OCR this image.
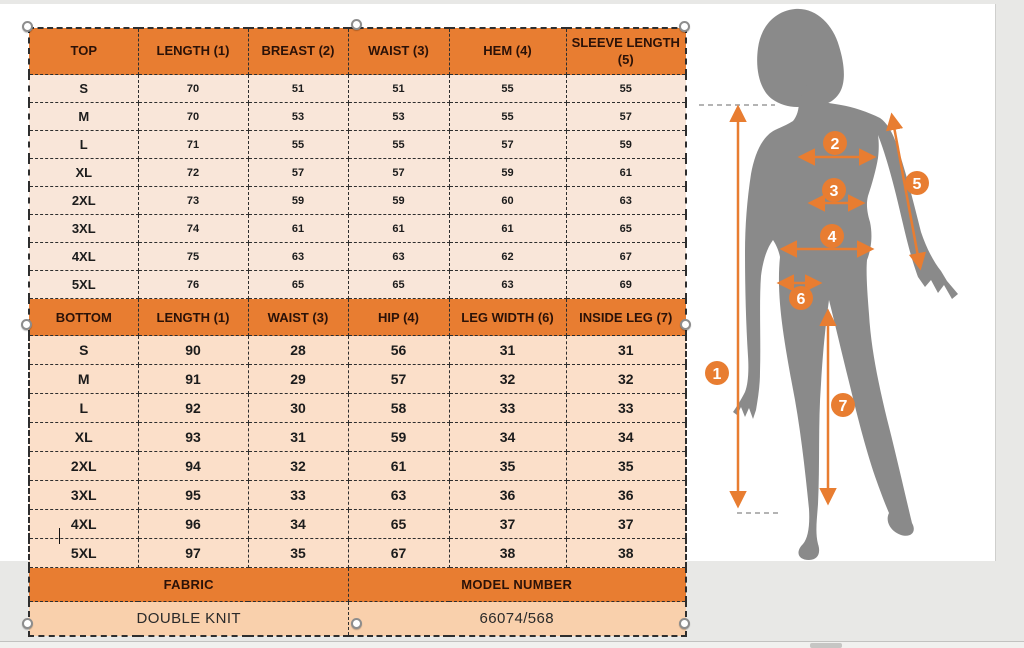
TOP	LENGTH (1)	BREAST (2)	WAIST (3)	HEM (4)	SLEEVE LENGTH (5)
S	70	51	51	55	55
M	70	53	53	55	57
L	71	55	55	57	59
XL	72	57	57	59	61
2XL	73	59	59	60	63
3XL	74	61	61	61	65
4XL	75	63	63	62	67
5XL	76	65	65	63	69
BOTTOM	LENGTH (1)	WAIST (3)	HIP (4)	LEG WIDTH (6)	INSIDE LEG (7)
S	90	28	56	31	31
M	91	29	57	32	32
L	92	30	58	33	33
XL	93	31	59	34	34
2XL	94	32	61	35	35
3XL	95	33	63	36	36
4XL	96	34	65	37	37
5XL	97	35	67	38	38
FABRIC			MODEL NUMBER		
DOUBLE KNIT			66074/568		
1
2
3
4
5
6
7
